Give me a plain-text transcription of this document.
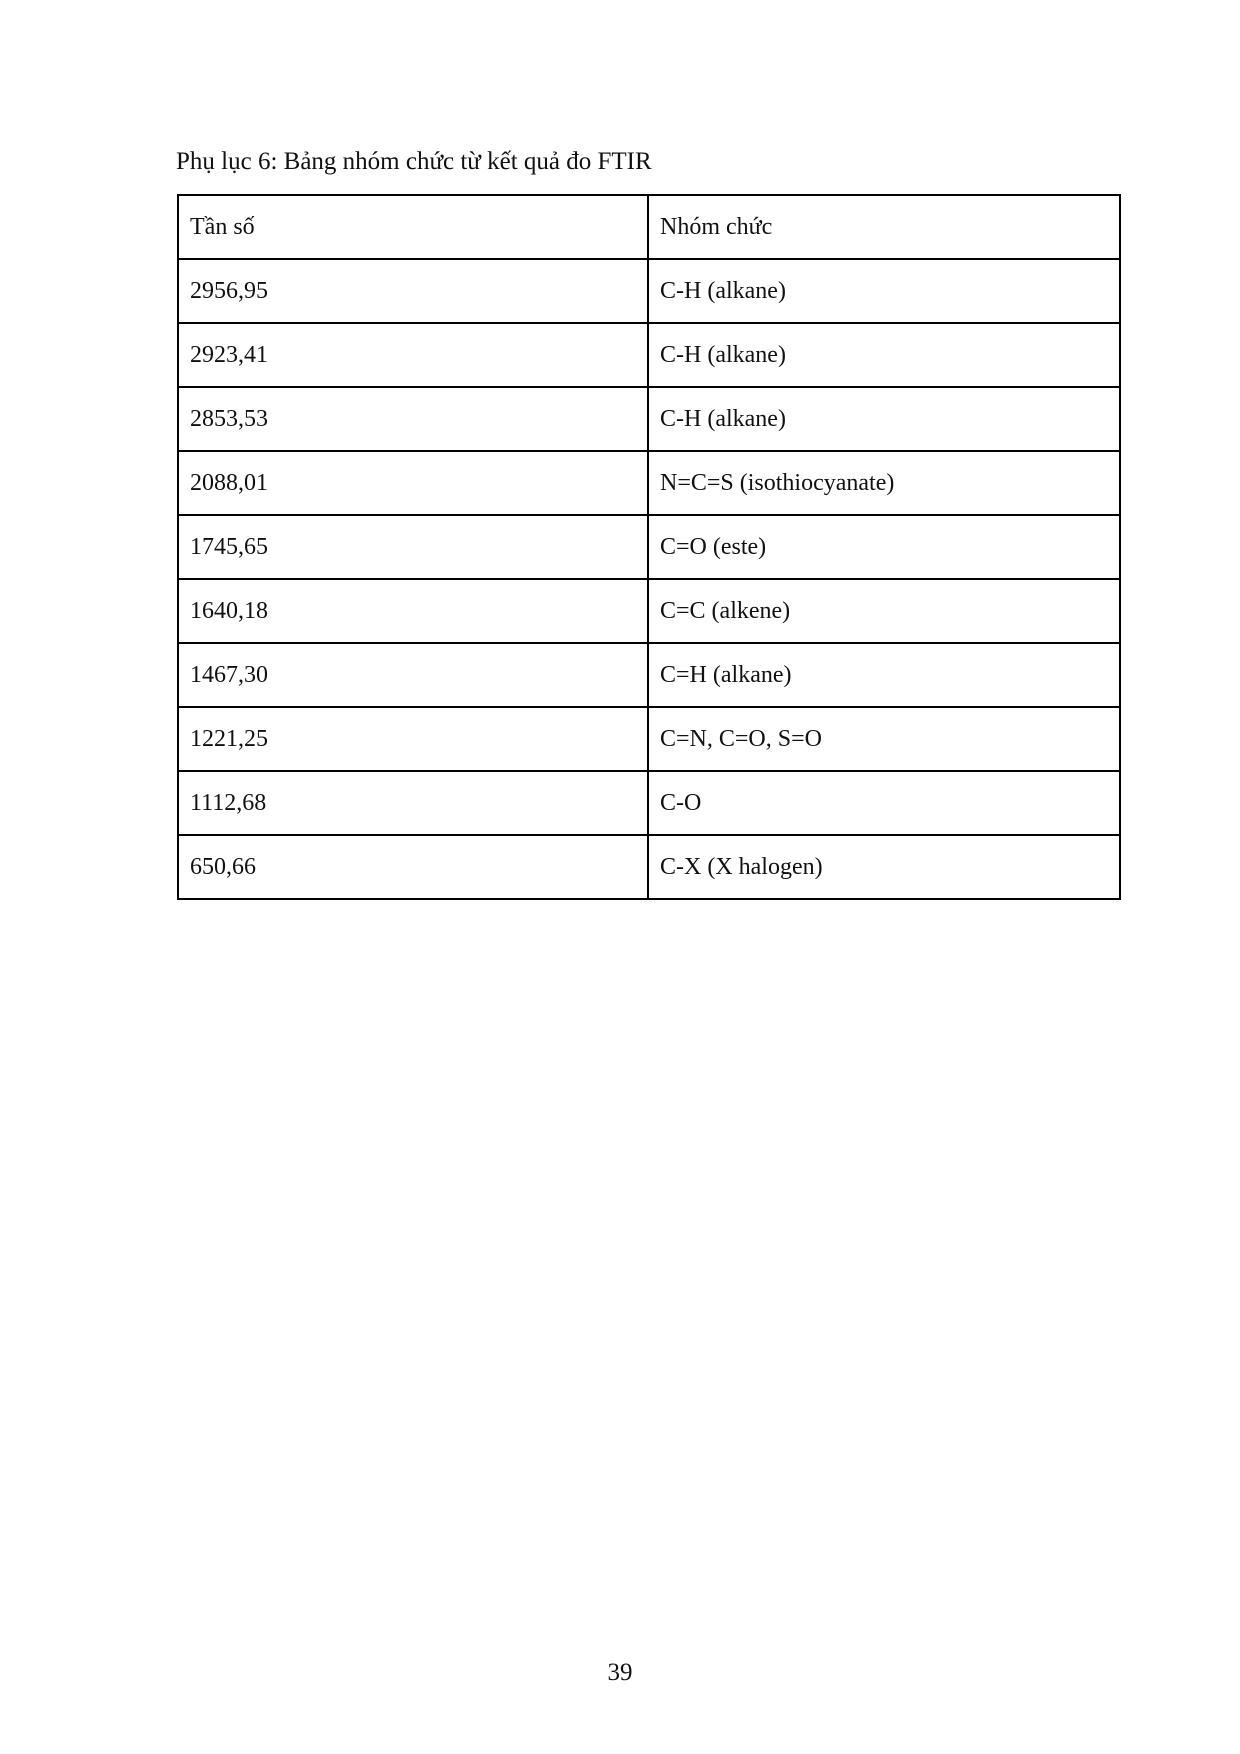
Phụ lục 6: Bảng nhóm chức từ kết quả đo FTIR
Tần số	Nhóm chức
2956,95	C-H (alkane)
2923,41	C-H (alkane)
2853,53	C-H (alkane)
2088,01	N=C=S (isothiocyanate)
1745,65	C=O (este)
1640,18	C=C (alkene)
1467,30	C=H (alkane)
1221,25	C=N, C=O, S=O
1112,68	C-O
650,66	C-X (X halogen)
39
